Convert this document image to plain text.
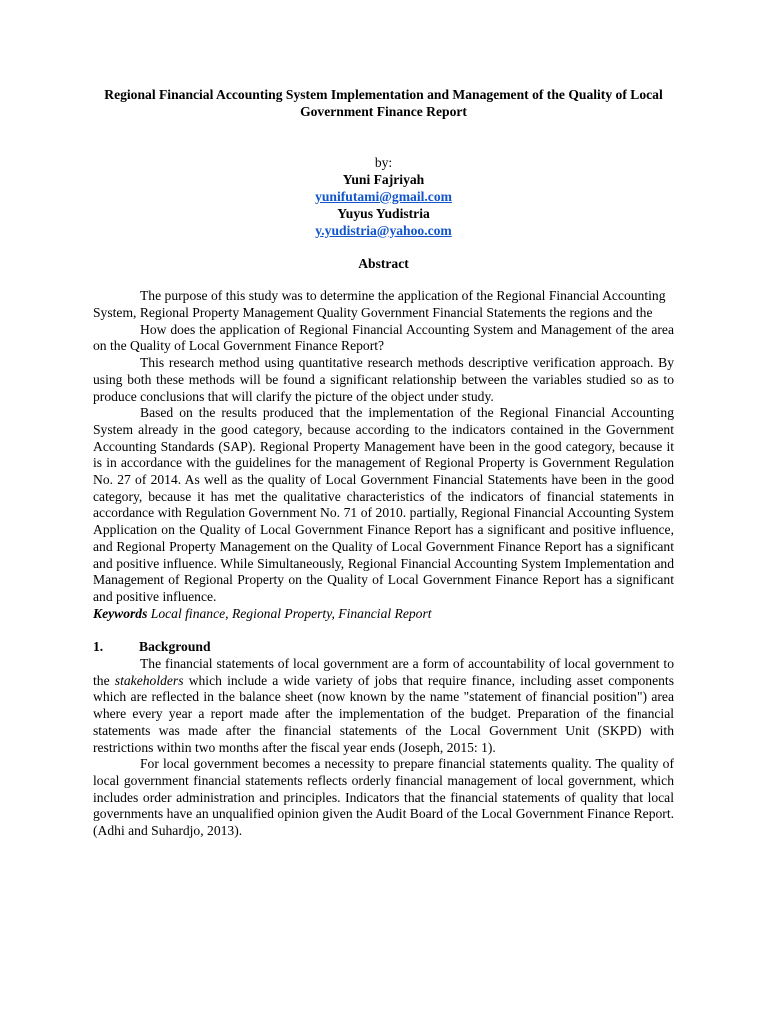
Regional Financial Accounting System Implementation and Management of the Quality of Local Government Finance Report
by:
Yuni Fajriyah
yunifutami@gmail.com
Yuyus Yudistria
y.yudistria@yahoo.com
Abstract

The purpose of this study was to determine the application of the Regional Financial Accounting System, Regional Property Management Quality Government Financial Statements the regions and the

How does the application of Regional Financial Accounting System and Management of the area on the Quality of Local Government Finance Report?

This research method using quantitative research methods descriptive verification approach. By using both these methods will be found a significant relationship between the variables studied so as to produce conclusions that will clarify the picture of the object under study.

Based on the results produced that the implementation of the Regional Financial Accounting System already in the good category, because according to the indicators contained in the Government Accounting Standards (SAP). Regional Property Management have been in the good category, because it is in accordance with the guidelines for the management of Regional Property is Government Regulation No. 27 of 2014. As well as the quality of Local Government Financial Statements have been in the good category, because it has met the qualitative characteristics of the indicators of financial statements in accordance with Regulation Government No. 71 of 2010. partially, Regional Financial Accounting System Application on the Quality of Local Government Finance Report has a significant and positive influence, and Regional Property Management on the Quality of Local Government Finance Report has a significant and positive influence. While Simultaneously, Regional Financial Accounting System Implementation and Management of Regional Property on the Quality of Local Government Finance Report has a significant and positive influence.

Keywords Local finance, Regional Property, Financial Report

1.	Background

The financial statements of local government are a form of accountability of local government to the stakeholders which include a wide variety of jobs that require finance, including asset components which are reflected in the balance sheet (now known by the name "statement of financial position") area where every year a report made after the implementation of the budget. Preparation of the financial statements was made after the financial statements of the Local Government Unit (SKPD) with restrictions within two months after the fiscal year ends (Joseph, 2015: 1).

For local government becomes a necessity to prepare financial statements quality. The quality of local government financial statements reflects orderly financial management of local government, which includes order administration and principles. Indicators that the financial statements of quality that local governments have an unqualified opinion given the Audit Board of the Local Government Finance Report. (Adhi and Suhardjo, 2013).
